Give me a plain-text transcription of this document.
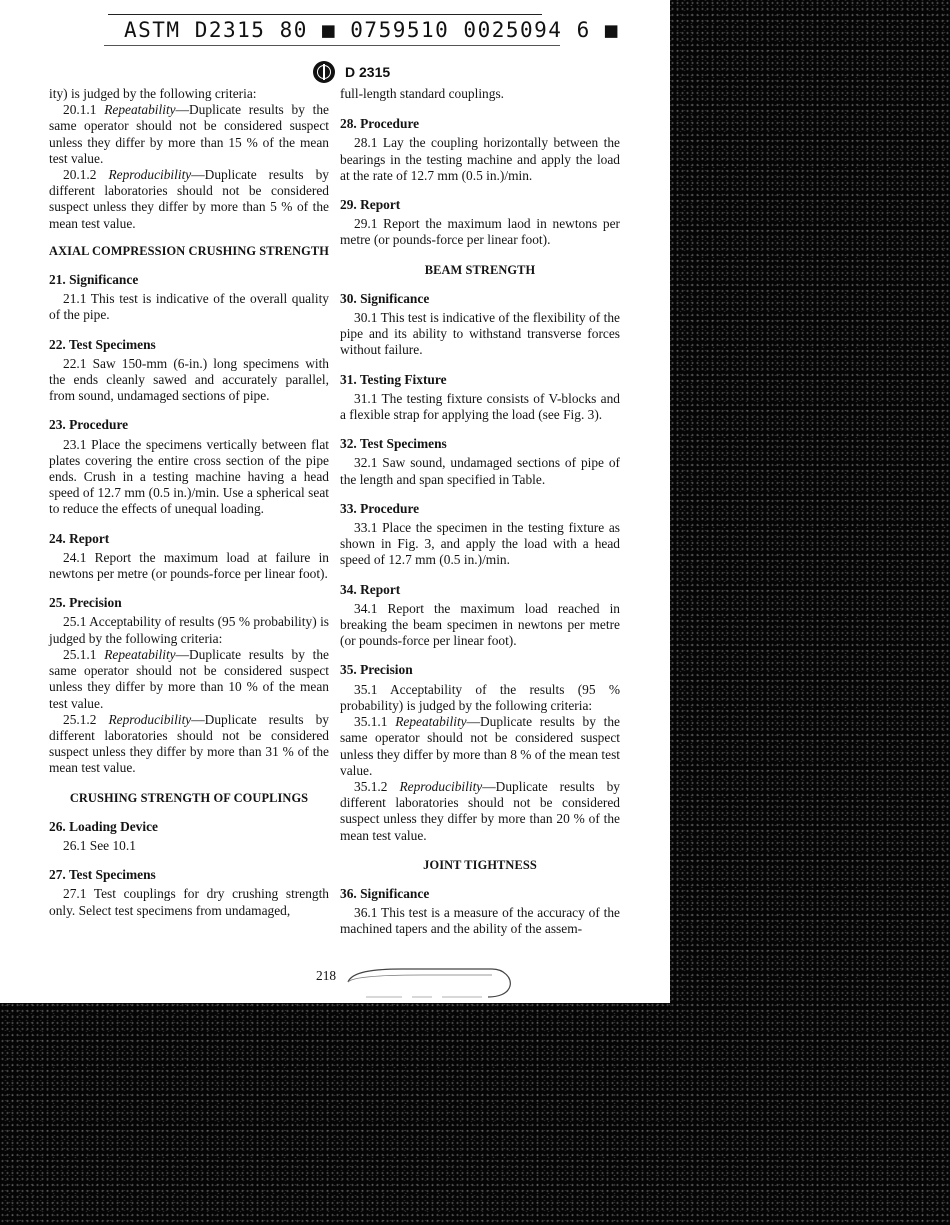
ASTM D2315 80 ■ 0759510 0025094 6 ■
D 2315

ity) is judged by the following criteria:

20.1.1 Repeatability—Duplicate results by the same operator should not be considered suspect unless they differ by more than 15 % of the mean test value.

20.1.2 Reproducibility—Duplicate results by different laboratories should not be considered suspect unless they differ by more than 5 % of the mean test value.

AXIAL COMPRESSION CRUSHING STRENGTH
21. Significance

21.1 This test is indicative of the overall quality of the pipe.

22. Test Specimens

22.1 Saw 150-mm (6-in.) long specimens with the ends cleanly sawed and accurately parallel, from sound, undamaged sections of pipe.

23. Procedure

23.1 Place the specimens vertically between flat plates covering the entire cross section of the pipe ends. Crush in a testing machine having a head speed of 12.7 mm (0.5 in.)/min. Use a spherical seat to reduce the effects of unequal loading.

24. Report

24.1 Report the maximum load at failure in newtons per metre (or pounds-force per linear foot).

25. Precision

25.1 Acceptability of results (95 % probability) is judged by the following criteria:

25.1.1 Repeatability—Duplicate results by the same operator should not be considered suspect unless they differ by more than 10 % of the mean test value.

25.1.2 Reproducibility—Duplicate results by different laboratories should not be considered suspect unless they differ by more than 31 % of the mean test value.

CRUSHING STRENGTH OF COUPLINGS
26. Loading Device

26.1 See 10.1

27. Test Specimens

27.1 Test couplings for dry crushing strength only. Select test specimens from undamaged,

full-length standard couplings.

28. Procedure

28.1 Lay the coupling horizontally between the bearings in the testing machine and apply the load at the rate of 12.7 mm (0.5 in.)/min.

29. Report

29.1 Report the maximum laod in newtons per metre (or pounds-force per linear foot).

BEAM STRENGTH
30. Significance

30.1 This test is indicative of the flexibility of the pipe and its ability to withstand transverse forces without failure.

31. Testing Fixture

31.1 The testing fixture consists of V-blocks and a flexible strap for applying the load (see Fig. 3).

32. Test Specimens

32.1 Saw sound, undamaged sections of pipe of the length and span specified in Table.

33. Procedure

33.1 Place the specimen in the testing fixture as shown in Fig. 3, and apply the load with a head speed of 12.7 mm (0.5 in.)/min.

34. Report

34.1 Report the maximum load reached in breaking the beam specimen in newtons per metre (or pounds-force per linear foot).

35. Precision

35.1 Acceptability of the results (95 % probability) is judged by the following criteria:

35.1.1 Repeatability—Duplicate results by the same operator should not be considered suspect unless they differ by more than 8 % of the mean test value.

35.1.2 Reproducibility—Duplicate results by different laboratories should not be considered suspect unless they differ by more than 20 % of the mean test value.

JOINT TIGHTNESS
36. Significance

36.1 This test is a measure of the accuracy of the machined tapers and the ability of the assem-

218
